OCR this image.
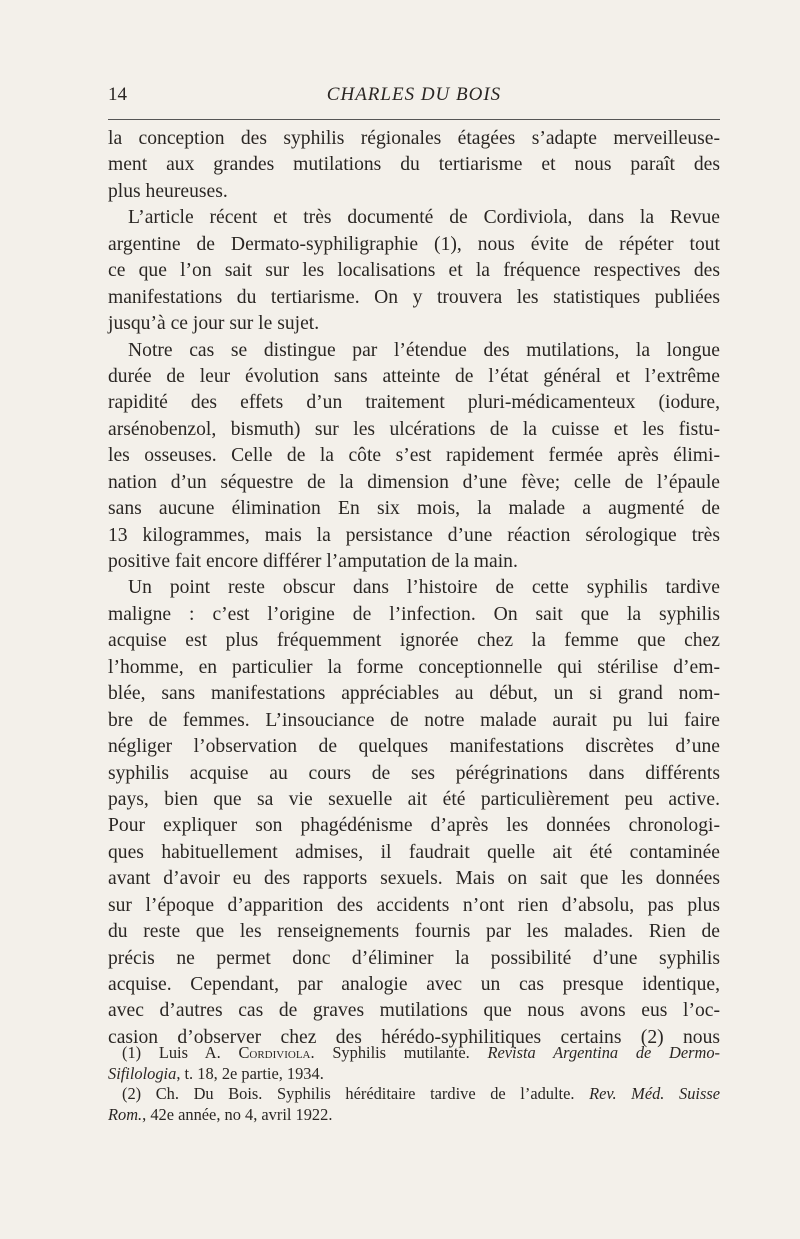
14	CHARLES DU BOIS
la conception des syphilis régionales étagées s’adapte merveilleuse-
ment aux grandes mutilations du tertiarisme et nous paraît des
plus heureuses.
L’article récent et très documenté de Cordiviola, dans la Revue
argentine de Dermato-syphiligraphie (1), nous évite de répéter tout
ce que l’on sait sur les localisations et la fréquence respectives des
manifestations du tertiarisme. On y trouvera les statistiques publiées
jusqu’à ce jour sur le sujet.
Notre cas se distingue par l’étendue des mutilations, la longue
durée de leur évolution sans atteinte de l’état général et l’extrême
rapidité des effets d’un traitement pluri-médicamenteux (iodure,
arsénobenzol, bismuth) sur les ulcérations de la cuisse et les fistu-
les osseuses. Celle de la côte s’est rapidement fermée après élimi-
nation d’un séquestre de la dimension d’une fève; celle de l’épaule
sans aucune élimination En six mois, la malade a augmenté de
13 kilogrammes, mais la persistance d’une réaction sérologique très
positive fait encore différer l’amputation de la main.
Un point reste obscur dans l’histoire de cette syphilis tardive
maligne : c’est l’origine de l’infection. On sait que la syphilis
acquise est plus fréquemment ignorée chez la femme que chez
l’homme, en particulier la forme conceptionnelle qui stérilise d’em-
blée, sans manifestations appréciables au début, un si grand nom-
bre de femmes. L’insouciance de notre malade aurait pu lui faire
négliger l’observation de quelques manifestations discrètes d’une
syphilis acquise au cours de ses pérégrinations dans différents
pays, bien que sa vie sexuelle ait été particulièrement peu active.
Pour expliquer son phagédénisme d’après les données chronologi-
ques habituellement admises, il faudrait quelle ait été contaminée
avant d’avoir eu des rapports sexuels. Mais on sait que les données
sur l’époque d’apparition des accidents n’ont rien d’absolu, pas plus
du reste que les renseignements fournis par les malades. Rien de
précis ne permet donc d’éliminer la possibilité d’une syphilis
acquise. Cependant, par analogie avec un cas presque identique,
avec d’autres cas de graves mutilations que nous avons eus l’oc-
casion d’observer chez des hérédo-syphilitiques certains (2) nous
(1) Luis A. Cordiviola. Syphilis mutilante. Revista Argentina de Dermo-
Sifilologia, t. 18, 2e partie, 1934.
(2) Ch. Du Bois. Syphilis héréditaire tardive de l’adulte. Rev. Méd. Suisse
Rom., 42e année, no 4, avril 1922.
